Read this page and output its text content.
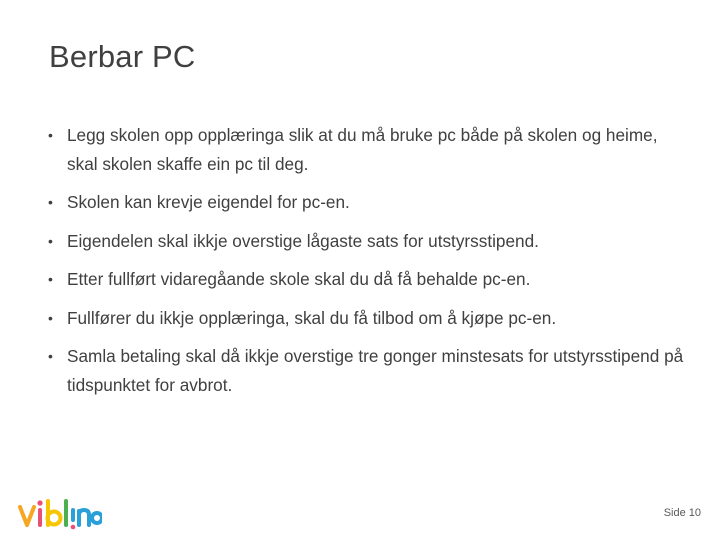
Berbar PC
• Legg skolen opp opplæringa slik at du må bruke pc både på skolen og heime, skal skolen skaffe ein pc til deg.
• Skolen kan krevje eigendel for pc-en.
• Eigendelen skal ikkje overstige lågaste sats for utstyrsstipend.
• Etter fullført vidaregåande skole skal du då få behalde pc-en.
• Fullfører du ikkje opplæringa, skal du få tilbod om å kjøpe pc-en.
• Samla betaling skal då ikkje overstige tre gonger minstesats for utstyrsstipend på tidspunktet for avbrot.
Side 10
